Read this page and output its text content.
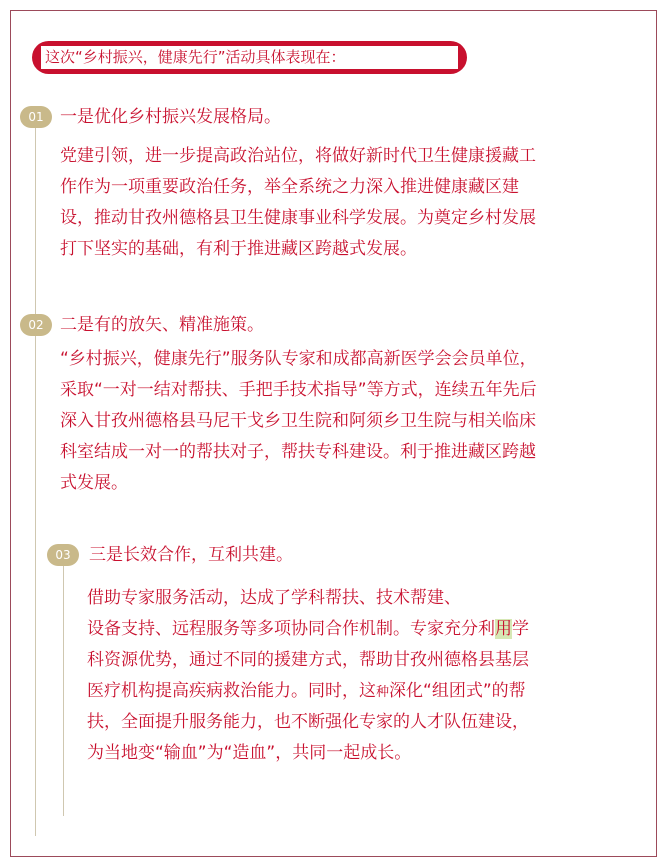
这次“乡村振兴，健康先行”活动具体表现在：
01 一是优化乡村振兴发展格局。
党建引领，进一步提高政治站位，将做好新时代卫生健康援藏工
作作为一项重要政治任务，举全系统之力深入推进健康藏区建
设，推动甘孜州德格县卫生健康事业科学发展。为奠定乡村发展
打下坚实的基础，有利于推进藏区跨越式发展。
02 二是有的放矢、精准施策。
“乡村振兴，健康先行”服务队专家和成都高新医学会会员单位，
采取“一对一结对帮扶、手把手技术指导”等方式，连续五年先后
深入甘孜州德格县马尼干戈乡卫生院和阿须乡卫生院与相关临床
科室结成一对一的帮扶对子，帮扶专科建设。利于推进藏区跨越
式发展。
03	三是长效合作，互利共建。
借助专家服务活动，达成了学科帮扶、技术帮建、
设备支持、远程服务等多项协同合作机制。专家充分利用学
科资源优势，通过不同的援建方式，帮助甘孜州德格县基层
医疗机构提高疾病救治能力。同时，这种深化“组团式”的帮
扶，全面提升服务能力，也不断强化专家的人才队伍建设，
为当地变“输血”为“造血”，共同一起成长。
